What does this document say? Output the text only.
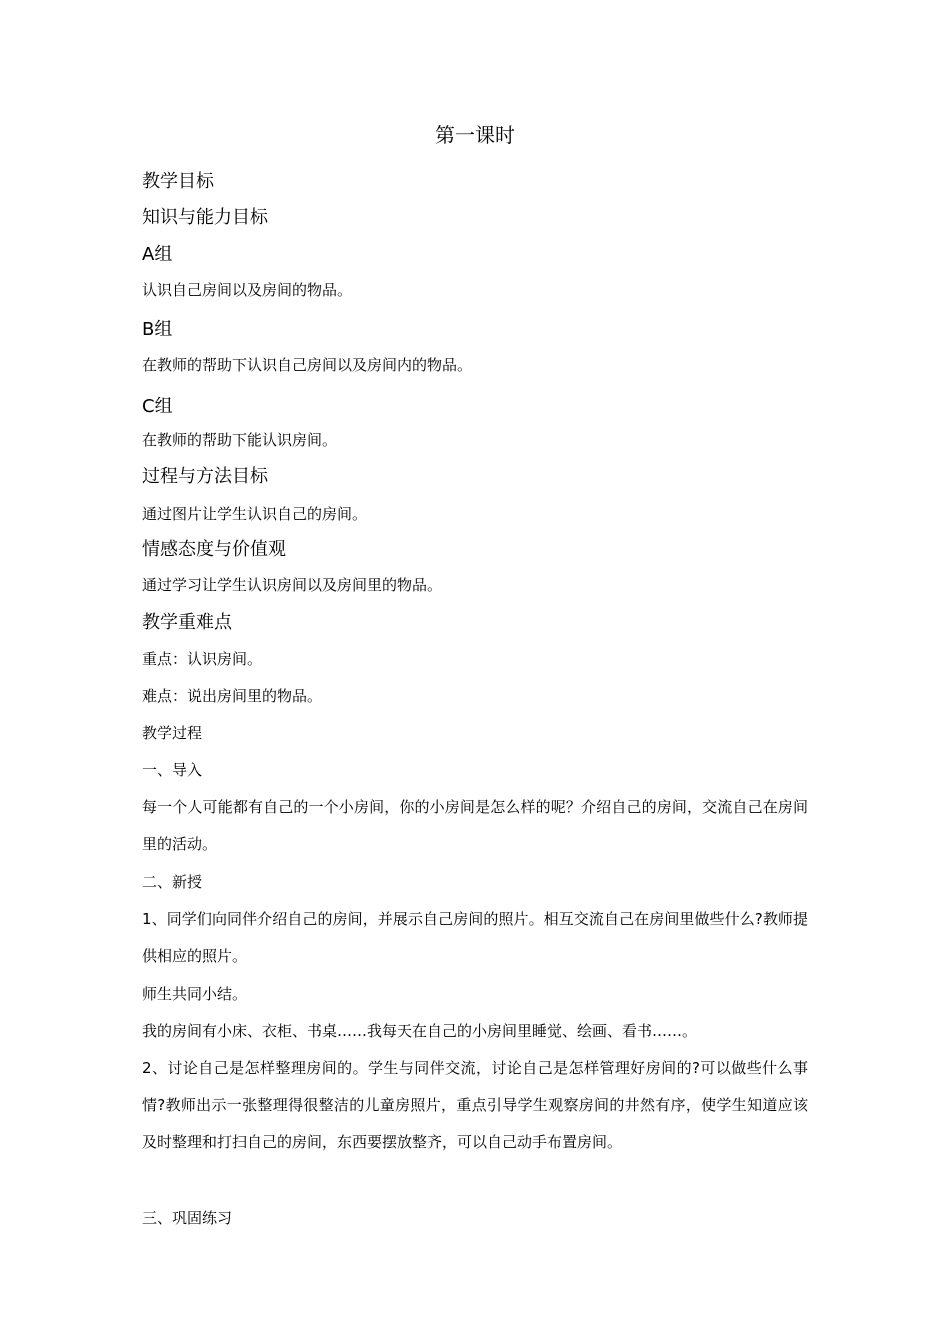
第一课时
教学目标
知识与能力目标
A组
认识自己房间以及房间的物品。
B组
在教师的帮助下认识自己房间以及房间内的物品。
C组
在教师的帮助下能认识房间。
过程与方法目标
通过图片让学生认识自己的房间。
情感态度与价值观
通过学习让学生认识房间以及房间里的物品。
教学重难点
重点：认识房间。
难点：说出房间里的物品。
教学过程
一、导入
每一个人可能都有自己的一个小房间，你的小房间是怎么样的呢？介绍自己的房间，交流自己在房间里的活动。
二、新授
1、同学们向同伴介绍自己的房间，并展示自己房间的照片。相互交流自己在房间里做些什么?教师提供相应的照片。
师生共同小结。
我的房间有小床、衣柜、书桌……我每天在自己的小房间里睡觉、绘画、看书……。
2、讨论自己是怎样整理房间的。学生与同伴交流，讨论自己是怎样管理好房间的?可以做些什么事情?教师出示一张整理得很整洁的儿童房照片，重点引导学生观察房间的井然有序，使学生知道应该及时整理和打扫自己的房间，东西要摆放整齐，可以自己动手布置房间。
三、巩固练习
